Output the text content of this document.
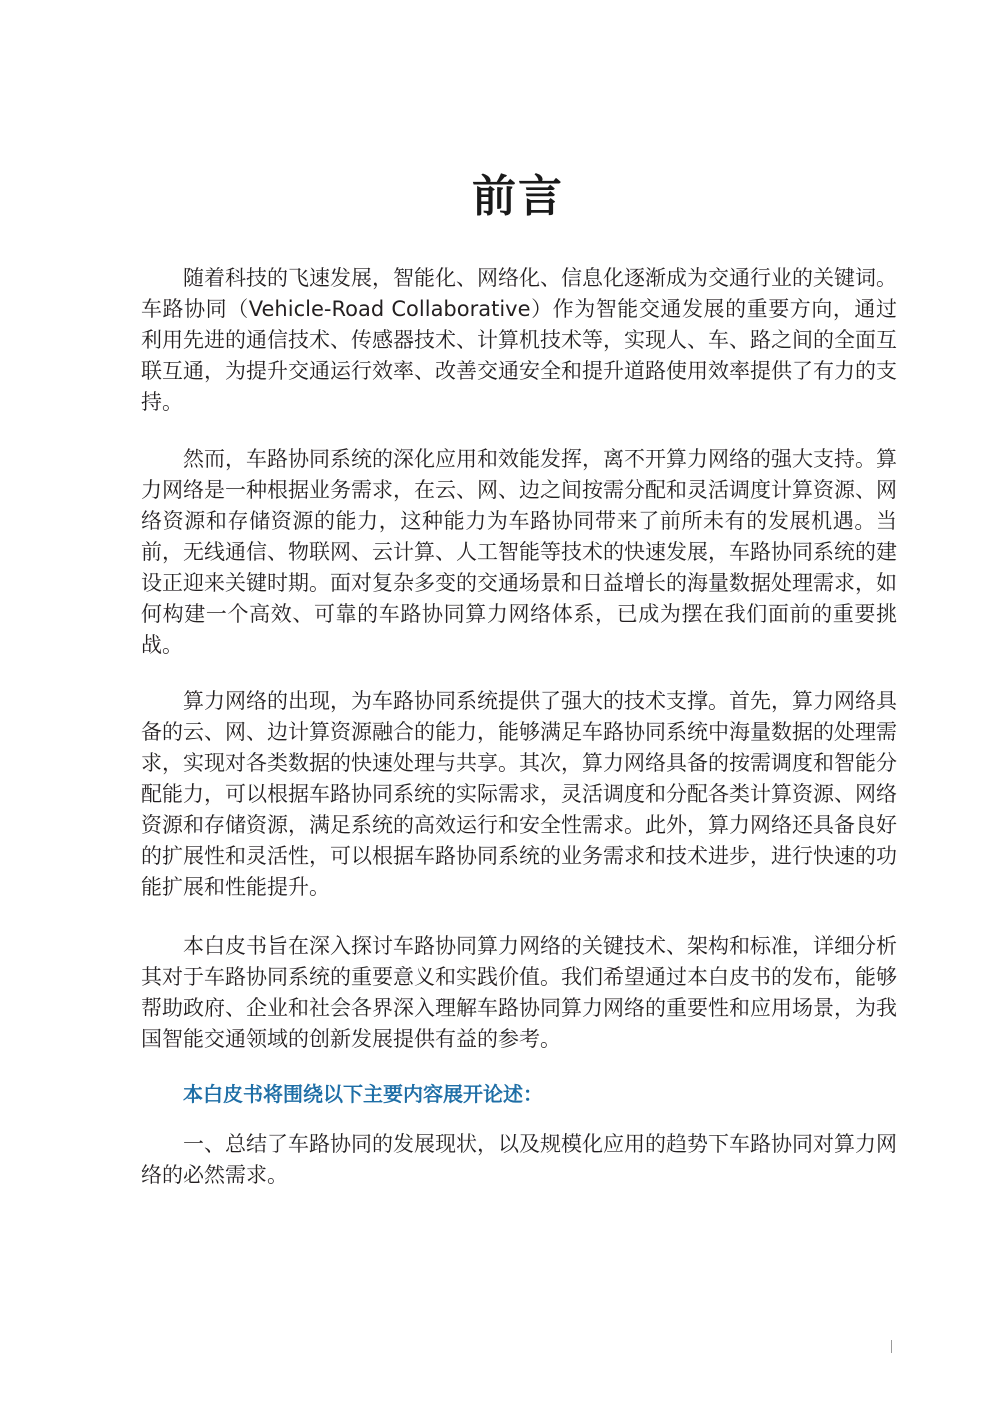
前言

随着科技的飞速发展，智能化、网络化、信息化逐渐成为交通行业的关键词。车路协同（Vehicle-Road Collaborative）作为智能交通发展的重要方向，通过利用先进的通信技术、传感器技术、计算机技术等，实现人、车、路之间的全面互联互通，为提升交通运行效率、改善交通安全和提升道路使用效率提供了有力的支持。

然而，车路协同系统的深化应用和效能发挥，离不开算力网络的强大支持。算力网络是一种根据业务需求，在云、网、边之间按需分配和灵活调度计算资源、网络资源和存储资源的能力，这种能力为车路协同带来了前所未有的发展机遇。当前，无线通信、物联网、云计算、人工智能等技术的快速发展，车路协同系统的建设正迎来关键时期。面对复杂多变的交通场景和日益增长的海量数据处理需求，如何构建一个高效、可靠的车路协同算力网络体系，已成为摆在我们面前的重要挑战。

算力网络的出现，为车路协同系统提供了强大的技术支撑。首先，算力网络具备的云、网、边计算资源融合的能力，能够满足车路协同系统中海量数据的处理需求，实现对各类数据的快速处理与共享。其次，算力网络具备的按需调度和智能分配能力，可以根据车路协同系统的实际需求，灵活调度和分配各类计算资源、网络资源和存储资源，满足系统的高效运行和安全性需求。此外，算力网络还具备良好的扩展性和灵活性，可以根据车路协同系统的业务需求和技术进步，进行快速的功能扩展和性能提升。

本白皮书旨在深入探讨车路协同算力网络的关键技术、架构和标准，详细分析其对于车路协同系统的重要意义和实践价值。我们希望通过本白皮书的发布，能够帮助政府、企业和社会各界深入理解车路协同算力网络的重要性和应用场景，为我国智能交通领域的创新发展提供有益的参考。

本白皮书将围绕以下主要内容展开论述：

一、总结了车路协同的发展现状，以及规模化应用的趋势下车路协同对算力网络的必然需求。
